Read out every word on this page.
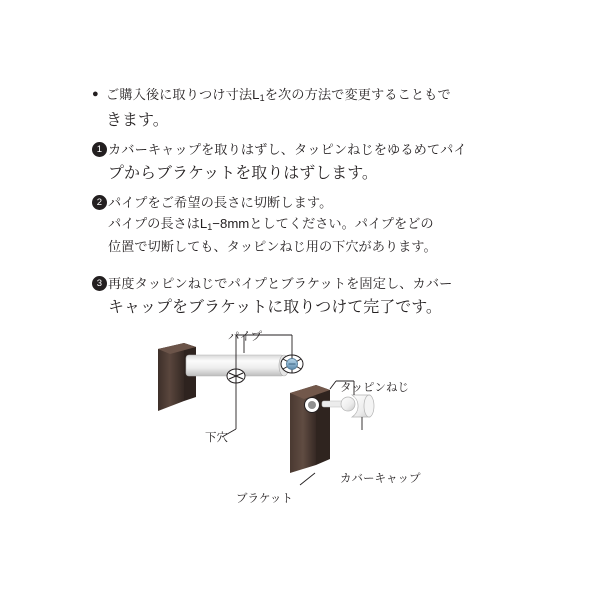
● ご購入後に取りつけ寸法$L_1$を次の方法で変更することもで
きます。
1 カバーキャップを取りはずし、タッピンねじをゆるめてパイ
プからブラケットを取りはずします。
2 パイプをご希望の長さに切断します。
パイプの長さは$L_1-8mm$としてください。パイプをどの
位置で切断しても、タッピンねじ用の下穴があります。
3 再度タッピンねじでパイプとブラケットを固定し、カバー
キャップをブラケットに取りつけて完了です。
パイプ
下穴
タッピンねじ
カバーキャップ
ブラケット
